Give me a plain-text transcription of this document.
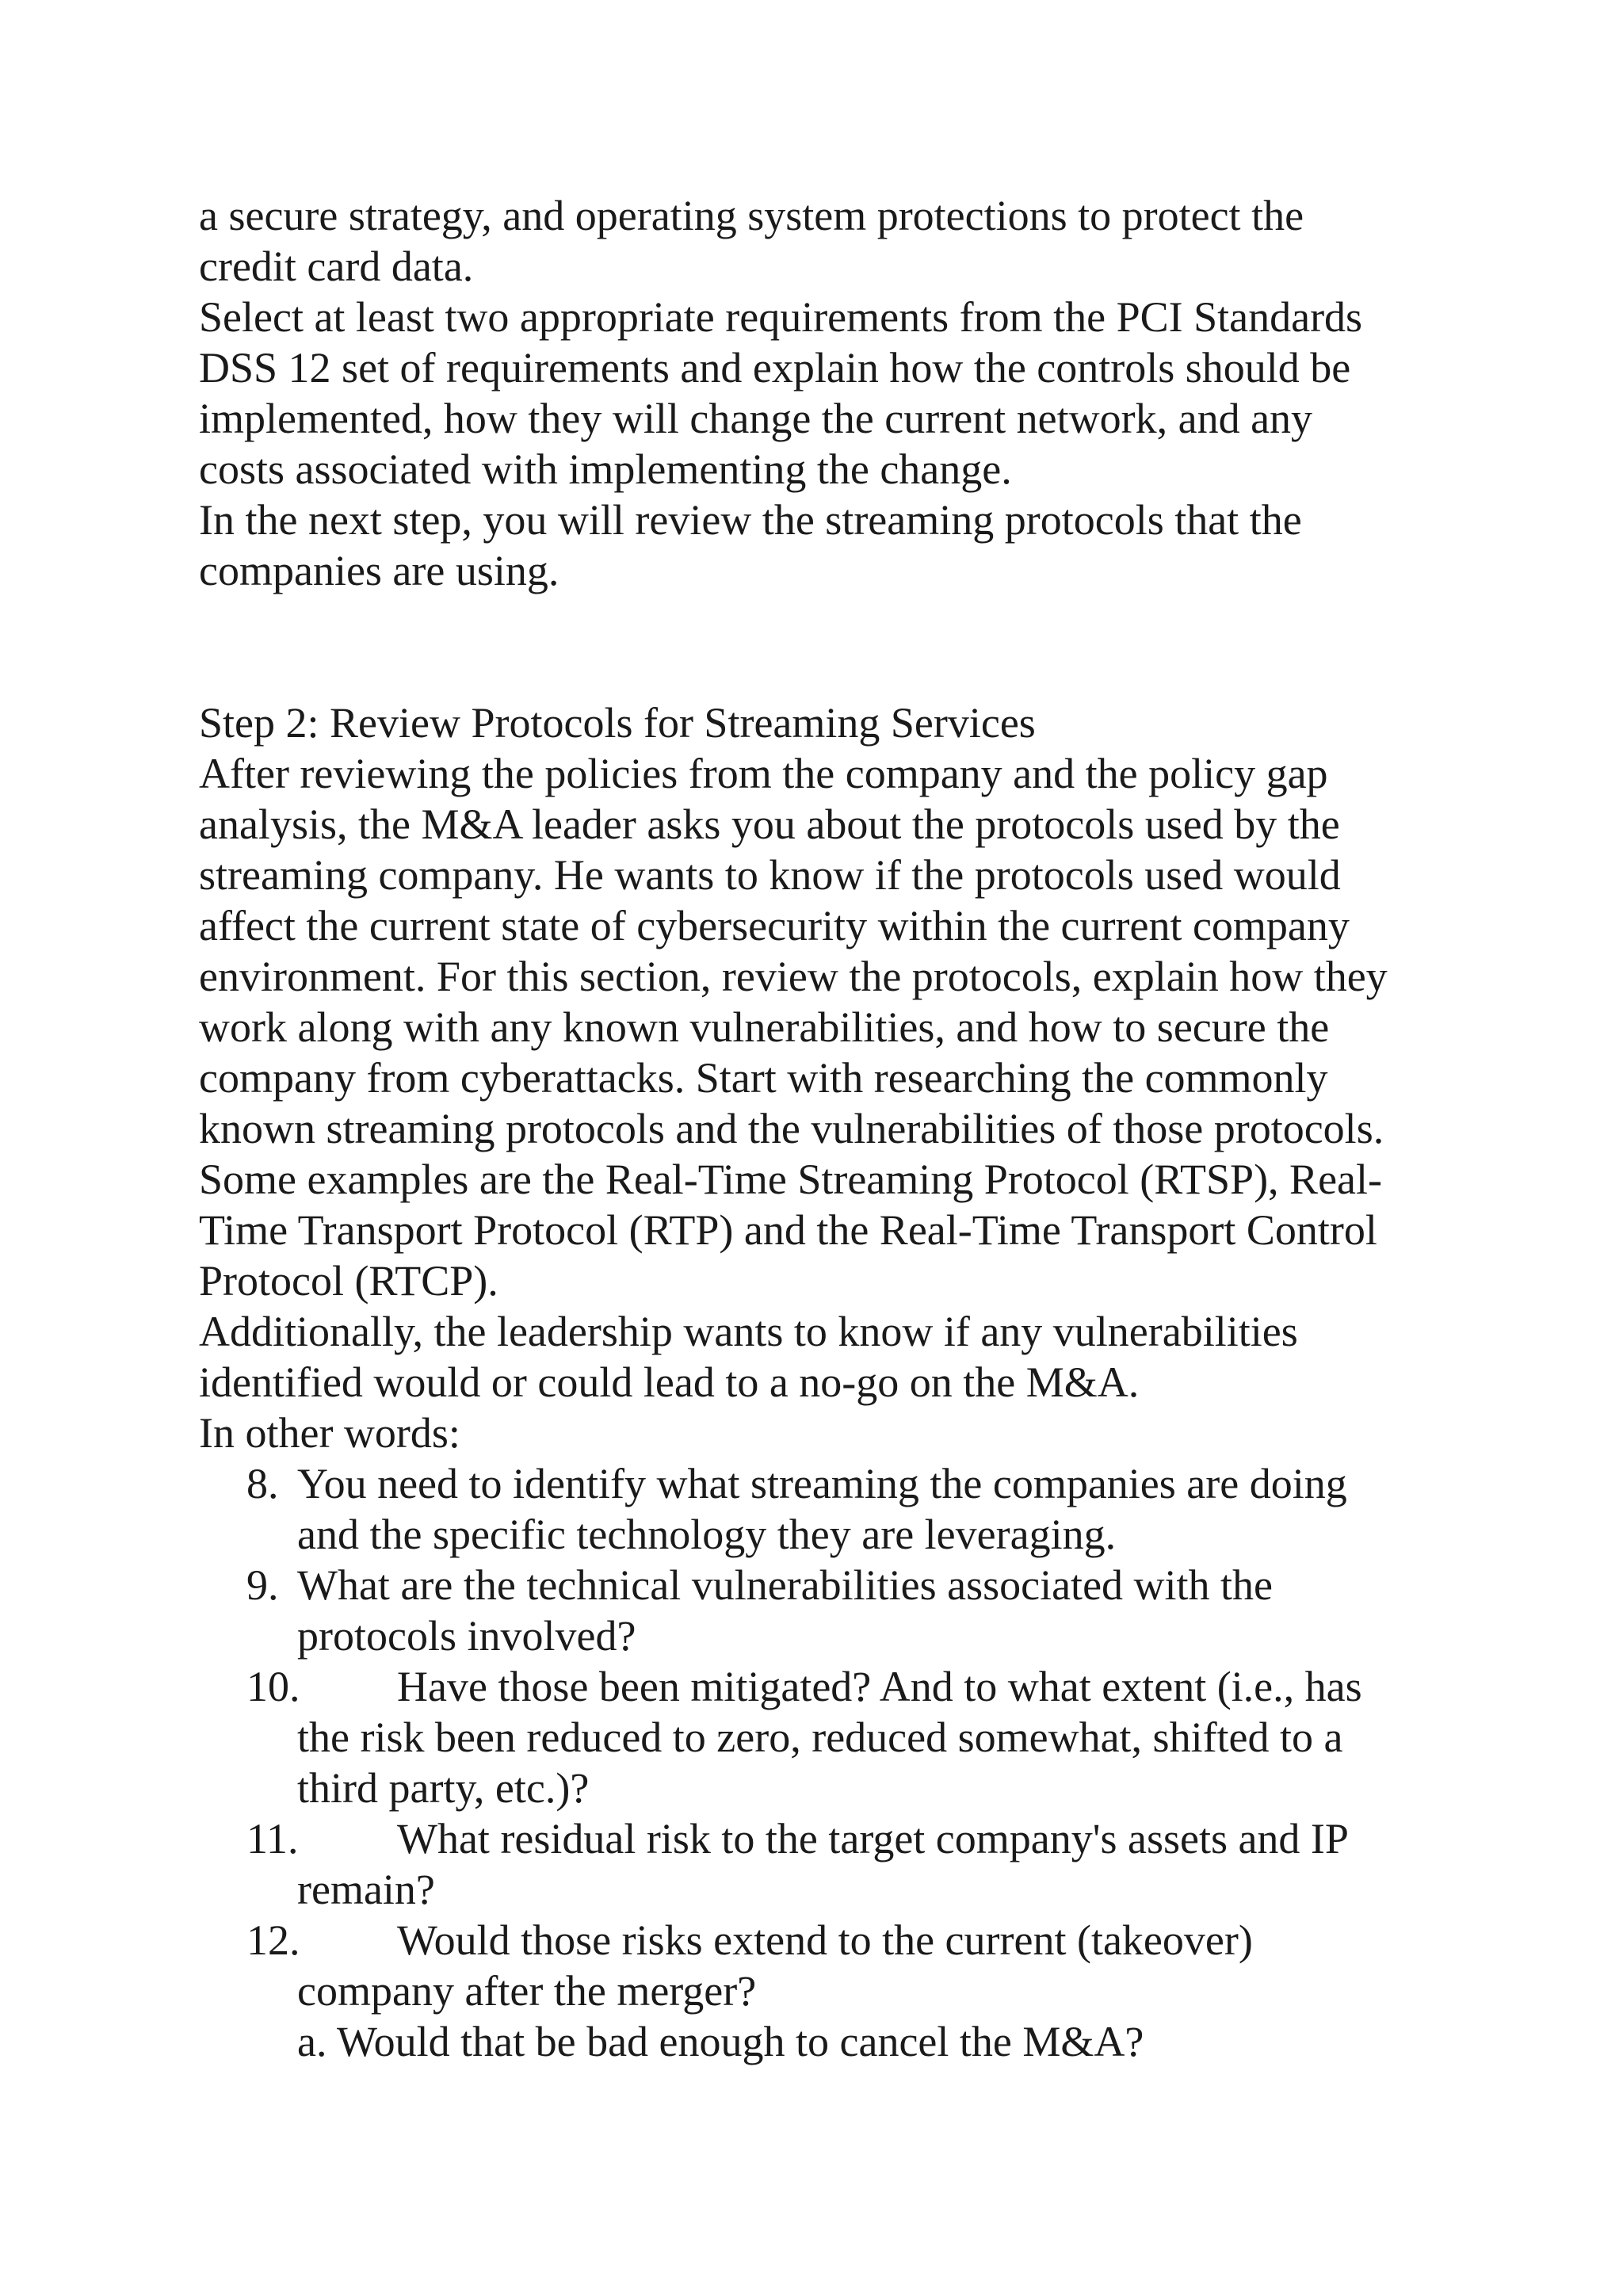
a secure strategy, and operating system protections to protect the
credit card data.
Select at least two appropriate requirements from the PCI Standards
DSS 12 set of requirements and explain how the controls should be
implemented, how they will change the current network, and any
costs associated with implementing the change.
In the next step, you will review the streaming protocols that the
companies are using.
Step 2: Review Protocols for Streaming Services
After reviewing the policies from the company and the policy gap
analysis, the M&A leader asks you about the protocols used by the
streaming company. He wants to know if the protocols used would
affect the current state of cybersecurity within the current company
environment. For this section, review the protocols, explain how they
work along with any known vulnerabilities, and how to secure the
company from cyberattacks. Start with researching the commonly
known streaming protocols and the vulnerabilities of those protocols.
Some examples are the Real-Time Streaming Protocol (RTSP), Real-
Time Transport Protocol (RTP) and the Real-Time Transport Control
Protocol (RTCP).
Additionally, the leadership wants to know if any vulnerabilities
identified would or could lead to a no-go on the M&A.
In other words:
8. You need to identify what streaming the companies are doing
and the specific technology they are leveraging.
9. What are the technical vulnerabilities associated with the
protocols involved?
10. Have those been mitigated? And to what extent (i.e., has
the risk been reduced to zero, reduced somewhat, shifted to a
third party, etc.)?
11. What residual risk to the target company's assets and IP
remain?
12. Would those risks extend to the current (takeover)
company after the merger?
a. Would that be bad enough to cancel the M&A?
